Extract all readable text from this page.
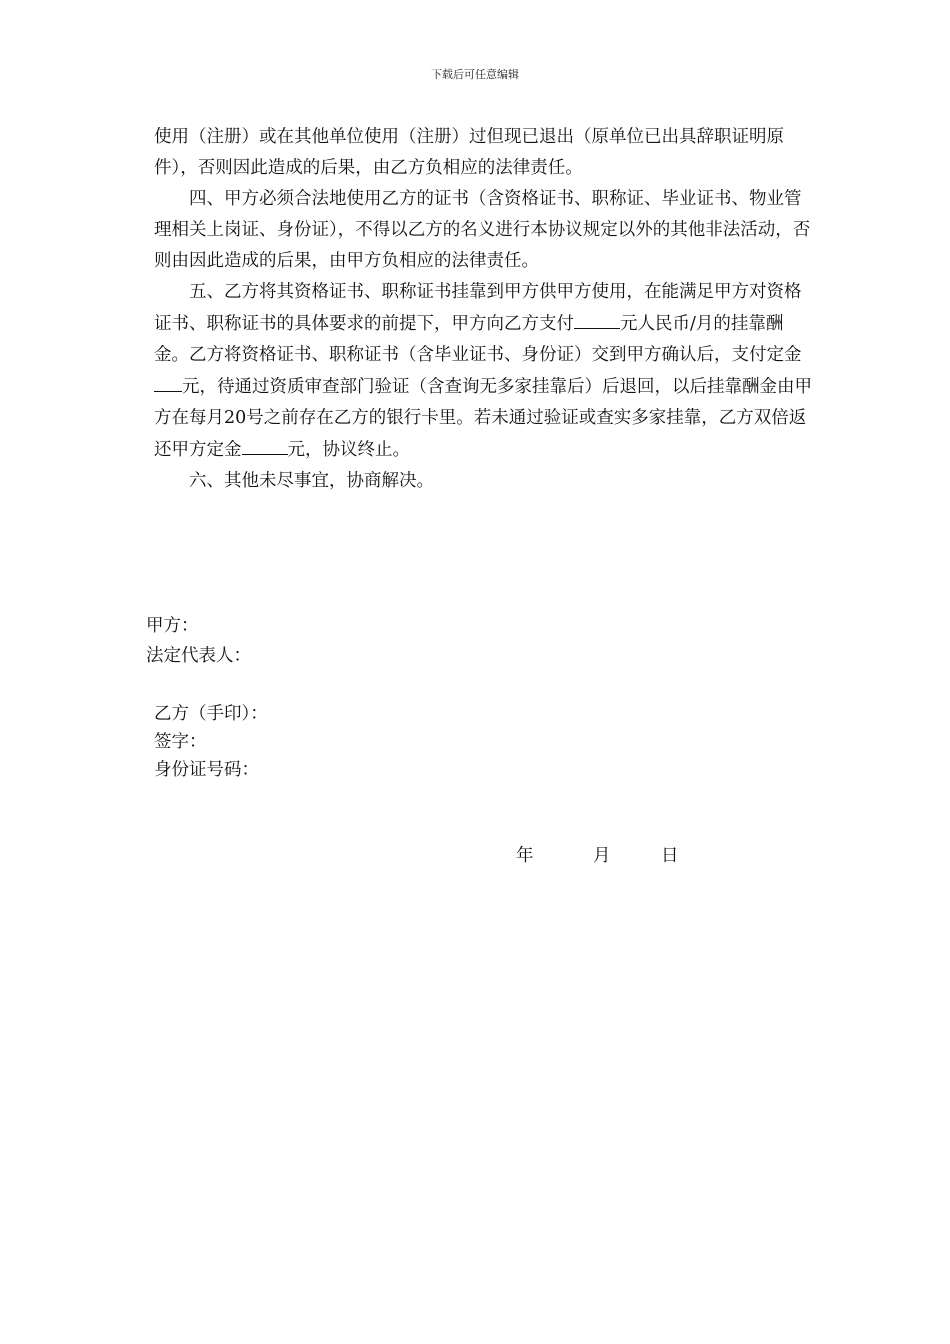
下载后可任意编辑

使用（注册）或在其他单位使用（注册）过但现已退出（原单位已出具辞职证明原件），否则因此造成的后果，由乙方负相应的法律责任。

四、甲方必须合法地使用乙方的证书（含资格证书、职称证、毕业证书、物业管理相关上岗证、身份证），不得以乙方的名义进行本协议规定以外的其他非法活动，否则由因此造成的后果，由甲方负相应的法律责任。

五、乙方将其资格证书、职称证书挂靠到甲方供甲方使用，在能满足甲方对资格证书、职称证书的具体要求的前提下，甲方向乙方支付	元人民币/月的挂靠酬金。乙方将资格证书、职称证书（含毕业证书、身份证）交到甲方确认后，支付定金元，待通过资质审查部门验证（含查询无多家挂靠后）后退回，以后挂靠酬金由甲方在每月20号之前存在乙方的银行卡里。若未通过验证或查实多家挂靠，乙方双倍返还甲方定金	元，协议终止。

六、其他未尽事宜，协商解决。

甲方：
法定代表人：
乙方（手印）：
签字：
身份证号码：
年	月	日
